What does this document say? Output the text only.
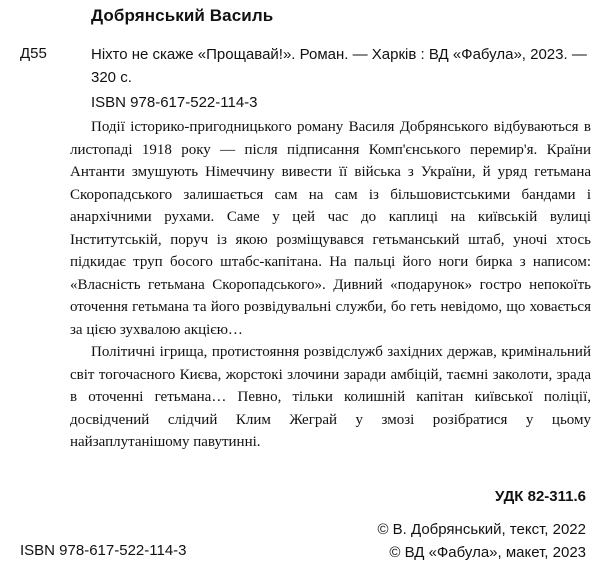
Добрянський Василь
Д55	Ніхто не скаже «Прощавай!». Роман. — Харків : ВД «Фабула», 2023. — 320 с.

ISBN 978-617-522-114-3

Події історико-пригодницького роману Василя Добрянського відбуваються в листопаді 1918 року — після підписання Комп'єнського перемир'я. Країни Антанти змушують Німеччину вивести її війська з України, й уряд гетьмана Скоропадського залишається сам на сам із більшовистськими бандами і анархічними рухами. Саме у цей час до каплиці на київській вулиці Інститутській, поруч із якою розміщувався гетьманський штаб, уночі хтось підкидає труп босого штабс-капітана. На пальці його ноги бирка з написом: «Власність гетьмана Скоропадського». Дивний «подарунок» гостро непокоїть оточення гетьмана та його розвідувальні служби, бо геть невідомо, що ховається за цією зухвалою акцією…

Політичні ігрища, протистояння розвідслужб західних держав, кримінальний світ тогочасного Києва, жорстокі злочини заради амбіцій, таємні заколоти, зрада в оточенні гетьмана… Певно, тільки колишній капітан київської поліції, досвідчений слідчий Клим Жеграй у змозі розібратися у цьому найзаплутанішому павутинні.

УДК 82-311.6
ISBN 978-617-522-114-3
© В. Добрянський, текст, 2022
© ВД «Фабула», макет, 2023
